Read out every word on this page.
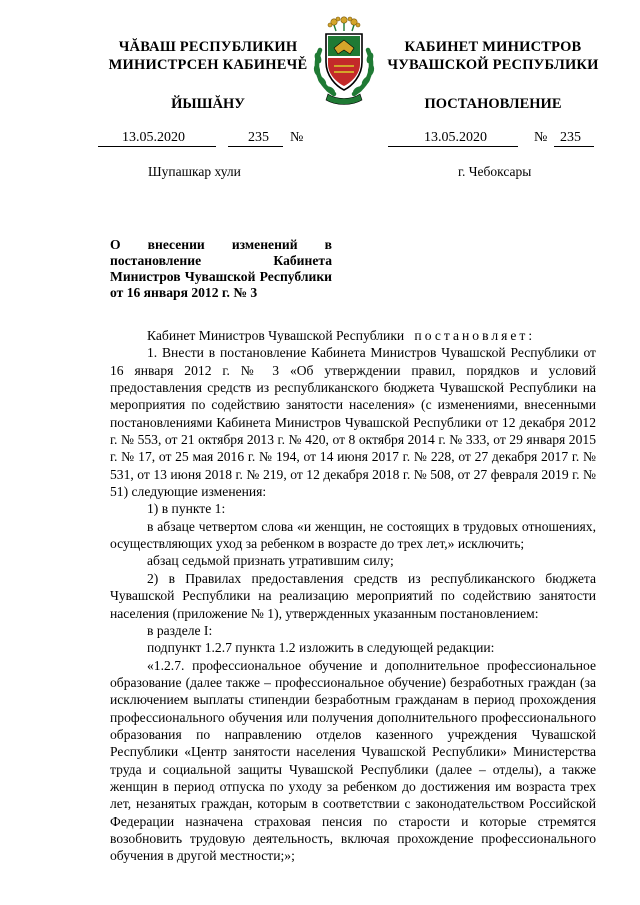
ЧĂВАШ РЕСПУБЛИКИН
МИНИСТРСЕН КАБИНЕЧĚ
ЙЫШĂНУ
КАБИНЕТ МИНИСТРОВ
ЧУВАШСКОЙ РЕСПУБЛИКИ
ПОСТАНОВЛЕНИЕ
13.05.2020	235 №	13.05.2020	№ 235
Шупашкар хули	г. Чебоксары
О внесении изменений в постановление Кабинета Министров Чувашской Республики от 16 января 2012 г. № 3

Кабинет Министров Чувашской Республики постановляет:

1. Внести в постановление Кабинета Министров Чувашской Республики от 16 января 2012 г. № 3 «Об утверждении правил, порядков и условий предоставления средств из республиканского бюджета Чувашской Республики на мероприятия по содействию занятости населения» (с изменениями, внесенными постановлениями Кабинета Министров Чувашской Республики от 12 декабря 2012 г. № 553, от 21 октября 2013 г. № 420, от 8 октября 2014 г. № 333, от 29 января 2015 г. № 17, от 25 мая 2016 г. № 194, от 14 июня 2017 г. № 228, от 27 декабря 2017 г. № 531, от 13 июня 2018 г. № 219, от 12 декабря 2018 г. № 508, от 27 февраля 2019 г. № 51) следующие изменения:

1) в пункте 1:

в абзаце четвертом слова «и женщин, не состоящих в трудовых отношениях, осуществляющих уход за ребенком в возрасте до трех лет,» исключить;

абзац седьмой признать утратившим силу;

2) в Правилах предоставления средств из республиканского бюджета Чувашской Республики на реализацию мероприятий по содействию занятости населения (приложение № 1), утвержденных указанным постановлением:

в разделе I:

подпункт 1.2.7 пункта 1.2 изложить в следующей редакции:

«1.2.7. профессиональное обучение и дополнительное профессиональное образование (далее также – профессиональное обучение) безработных граждан (за исключением выплаты стипендии безработным гражданам в период прохождения профессионального обучения или получения дополнительного профессионального образования по направлению отделов казенного учреждения Чувашской Республики «Центр занятости населения Чувашской Республики» Министерства труда и социальной защиты Чувашской Республики (далее – отделы), а также женщин в период отпуска по уходу за ребенком до достижения им возраста трех лет, незанятых граждан, которым в соответствии с законодательством Российской Федерации назначена страховая пенсия по старости и которые стремятся возобновить трудовую деятельность, включая прохождение профессионального обучения в другой местности;»;
